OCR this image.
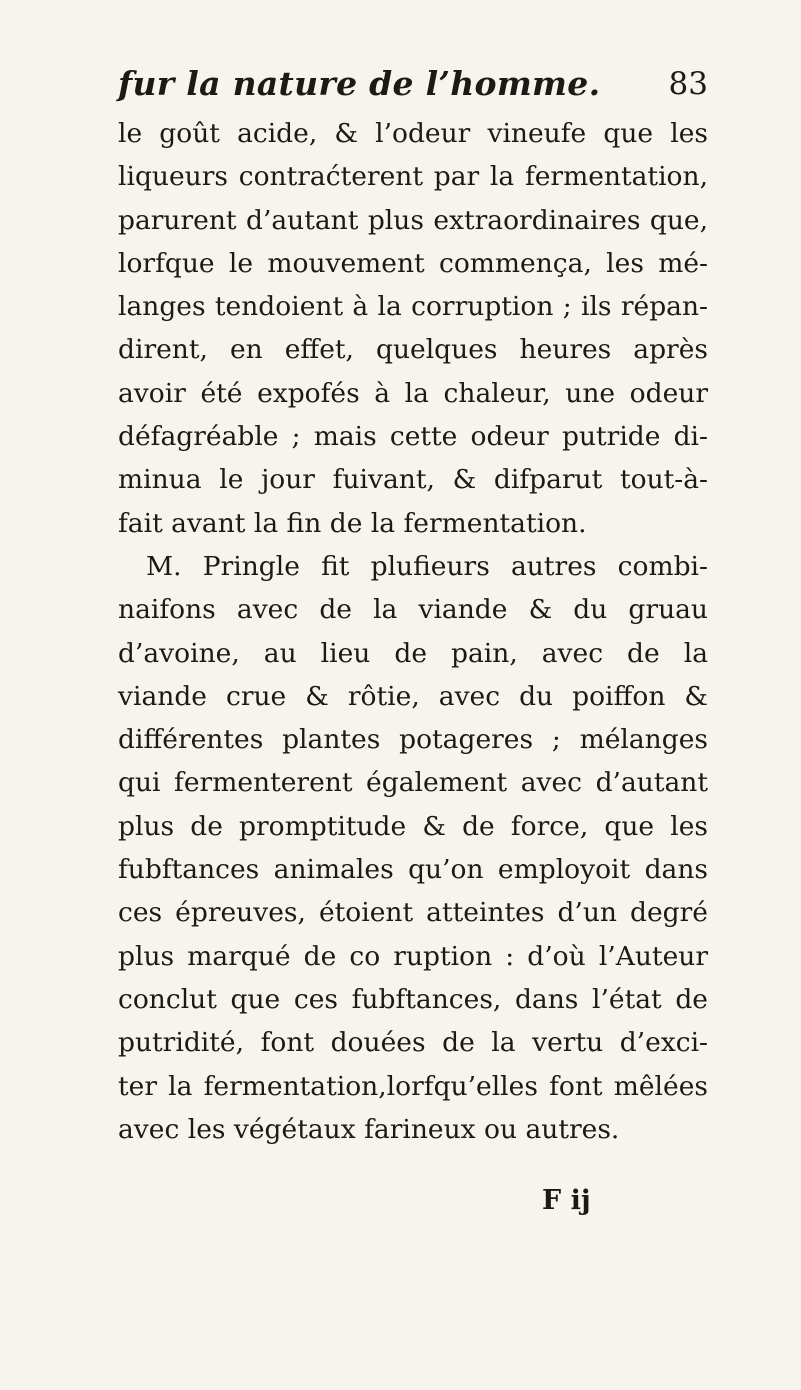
fur la nature de l’homme. 83
le goût acide, & l’odeur vineufe que les
liqueurs contraćterent par la fermentation,
parurent d’autant plus extraordinaires que,
lorfque le mouvement commença, les mé-
langes tendoient à la corruption ; ils répan-
dirent, en effet, quelques heures après
avoir été expofés à la chaleur, une odeur
défagréable ; mais cette odeur putride di-
minua le jour fuivant, & difparut tout-à-
fait avant la fin de la fermentation.
M. Pringle fit plufieurs autres combi-
naifons avec de la viande & du gruau
d’avoine, au lieu de pain, avec de la
viande crue & rôtie, avec du poiffon &
différentes plantes potageres ; mélanges
qui fermenterent également avec d’autant
plus de promptitude & de force, que les
fubftances animales qu’on employoit dans
ces épreuves, étoient atteintes d’un degré
plus marqué de co ruption : d’où l’Auteur
conclut que ces fubftances, dans l’état de
putridité, font douées de la vertu d’exci-
ter la fermentation,lorfqu’elles font mêlées
avec les végétaux farineux ou autres.
F ij
